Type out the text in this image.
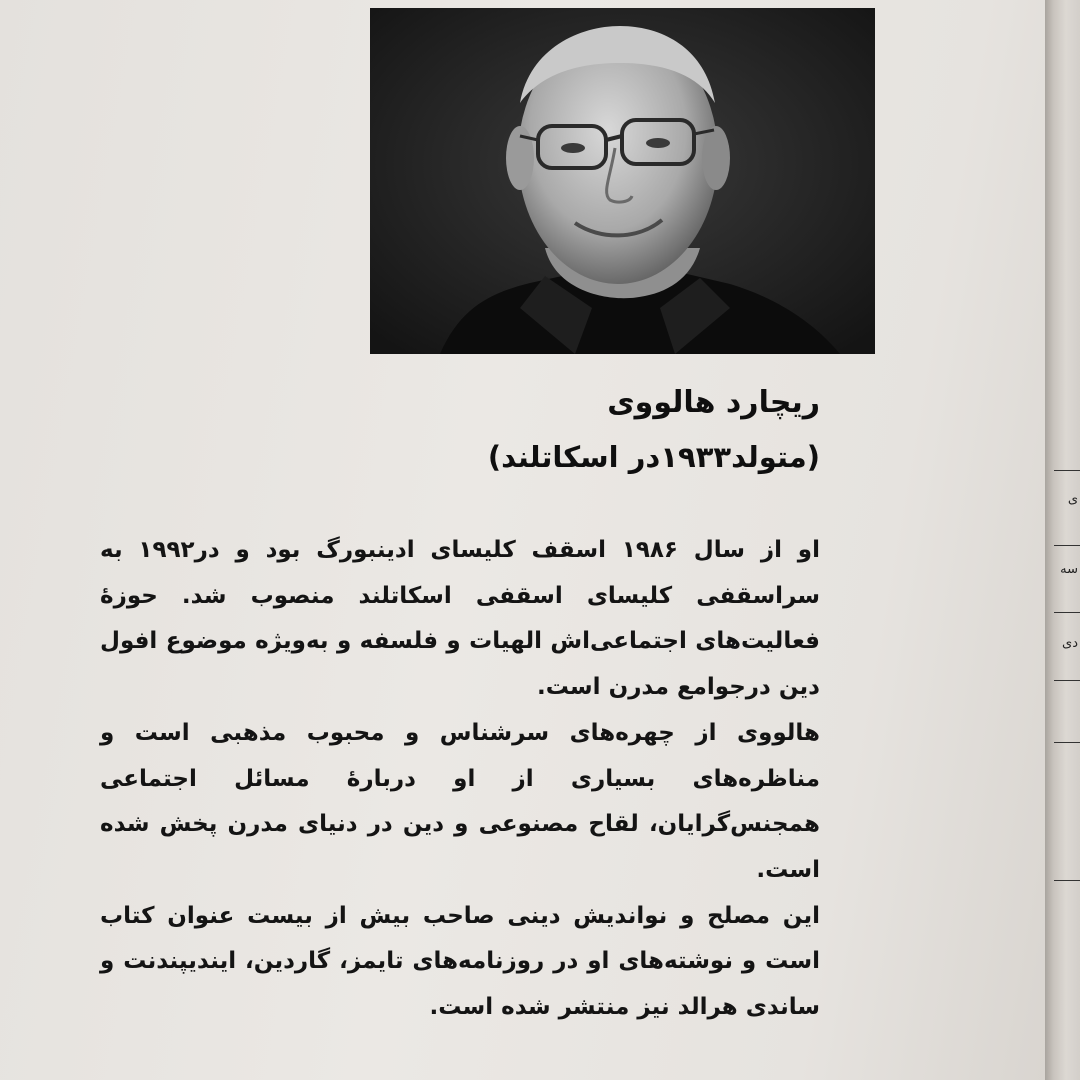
ریچارد هالووی
(متولد۱۹۳۳در اسکاتلند)

او از سال ۱۹۸۶ اسقف کلیسای ادینبورگ بود و در۱۹۹۲ به سراسقفی کلیسای اسقفی اسکاتلند منصوب شد. حوزهٔ فعالیت‌های اجتماعی‌اش الهیات و فلسفه و به‌ویژه موضوع افول دین درجوامع مدرن است.

هالووی از چهره‌های سرشناس و محبوب مذهبی است و مناظره‌های بسیاری از او دربارهٔ مسائل اجتماعی همجنس‌گرایان، لقاح مصنوعی و دین در دنیای مدرن پخش شده است.

این مصلح و نواندیش دینی صاحب بیش از بیست عنوان کتاب است و نوشته‌های او در روزنامه‌های تایمز، گاردین، ایندیپندنت و ساندی هرالد نیز منتشر شده است.

ی
سه
دی
